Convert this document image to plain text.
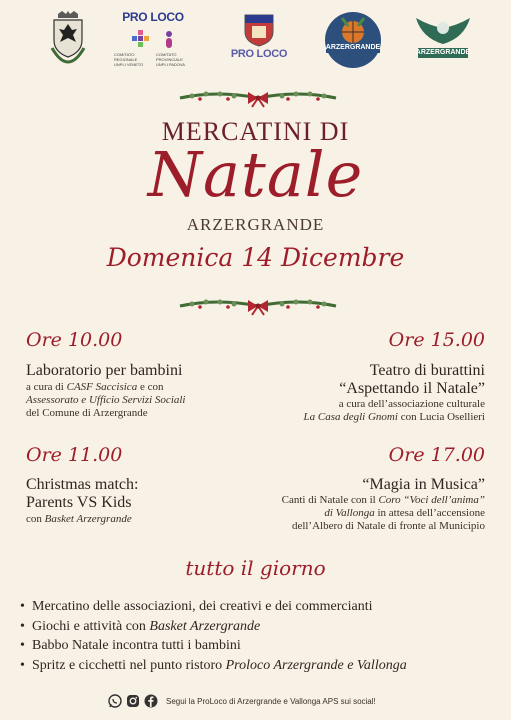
PRO LOCO
COMITATO REGIONALE UNPLI VENETO
COMITATO PROVINCIALE UNPLI PADOVA
PRO LOCO
ARZERGRANDE
ARZERGRANDE
MERCATINI DI
Natale
ARZERGRANDE
Domenica 14 Dicembre
Ore 10.00
Laboratorio per bambini
a cura di CASF Saccisica e con
Assessorato e Ufficio Servizi Sociali
del Comune di Arzergrande
Ore 15.00
Teatro di burattini
“Aspettando il Natale”
a cura dell’associazione culturale
La Casa degli Gnomi con Lucia Osellieri
Ore 11.00
Christmas match:
Parents VS Kids
con Basket Arzergrande
Ore 17.00
“Magia in Musica”
Canti di Natale con il Coro “Voci dell’anima”
di Vallonga in attesa dell’accensione
dell’Albero di Natale di fronte al Municipio
tutto il giorno
• Mercatino delle associazioni, dei creativi e dei commercianti
• Giochi e attività con Basket Arzergrande
• Babbo Natale incontra tutti i bambini
• Spritz e cicchetti nel punto ristoro Proloco Arzergrande e Vallonga
Segui la ProLoco di Arzergrande e Vallonga APS sui social!
